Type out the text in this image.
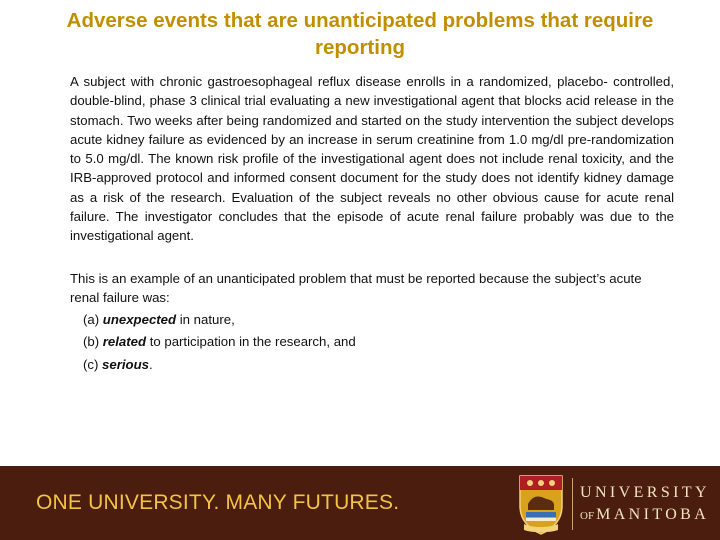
Adverse events that are unanticipated problems that require reporting

A subject with chronic gastroesophageal reflux disease enrolls in a randomized, placebo- controlled, double-blind, phase 3 clinical trial evaluating a new investigational agent that blocks acid release in the stomach. Two weeks after being randomized and started on the study intervention the subject develops acute kidney failure as evidenced by an increase in serum creatinine from 1.0 mg/dl pre-randomization to 5.0 mg/dl. The known risk profile of the investigational agent does not include renal toxicity, and the IRB-approved protocol and informed consent document for the study does not identify kidney damage as a risk of the research. Evaluation of the subject reveals no other obvious cause for acute renal failure. The investigator concludes that the episode of acute renal failure probably was due to the investigational agent.

This is an example of an unanticipated problem that must be reported because the subject’s acute renal failure was:

(a) unexpected in nature,
(b) related to participation in the research, and
(c) serious.
ONE UNIVERSITY. MANY FUTURES.	UNIVERSITY
OF MANITOBA
